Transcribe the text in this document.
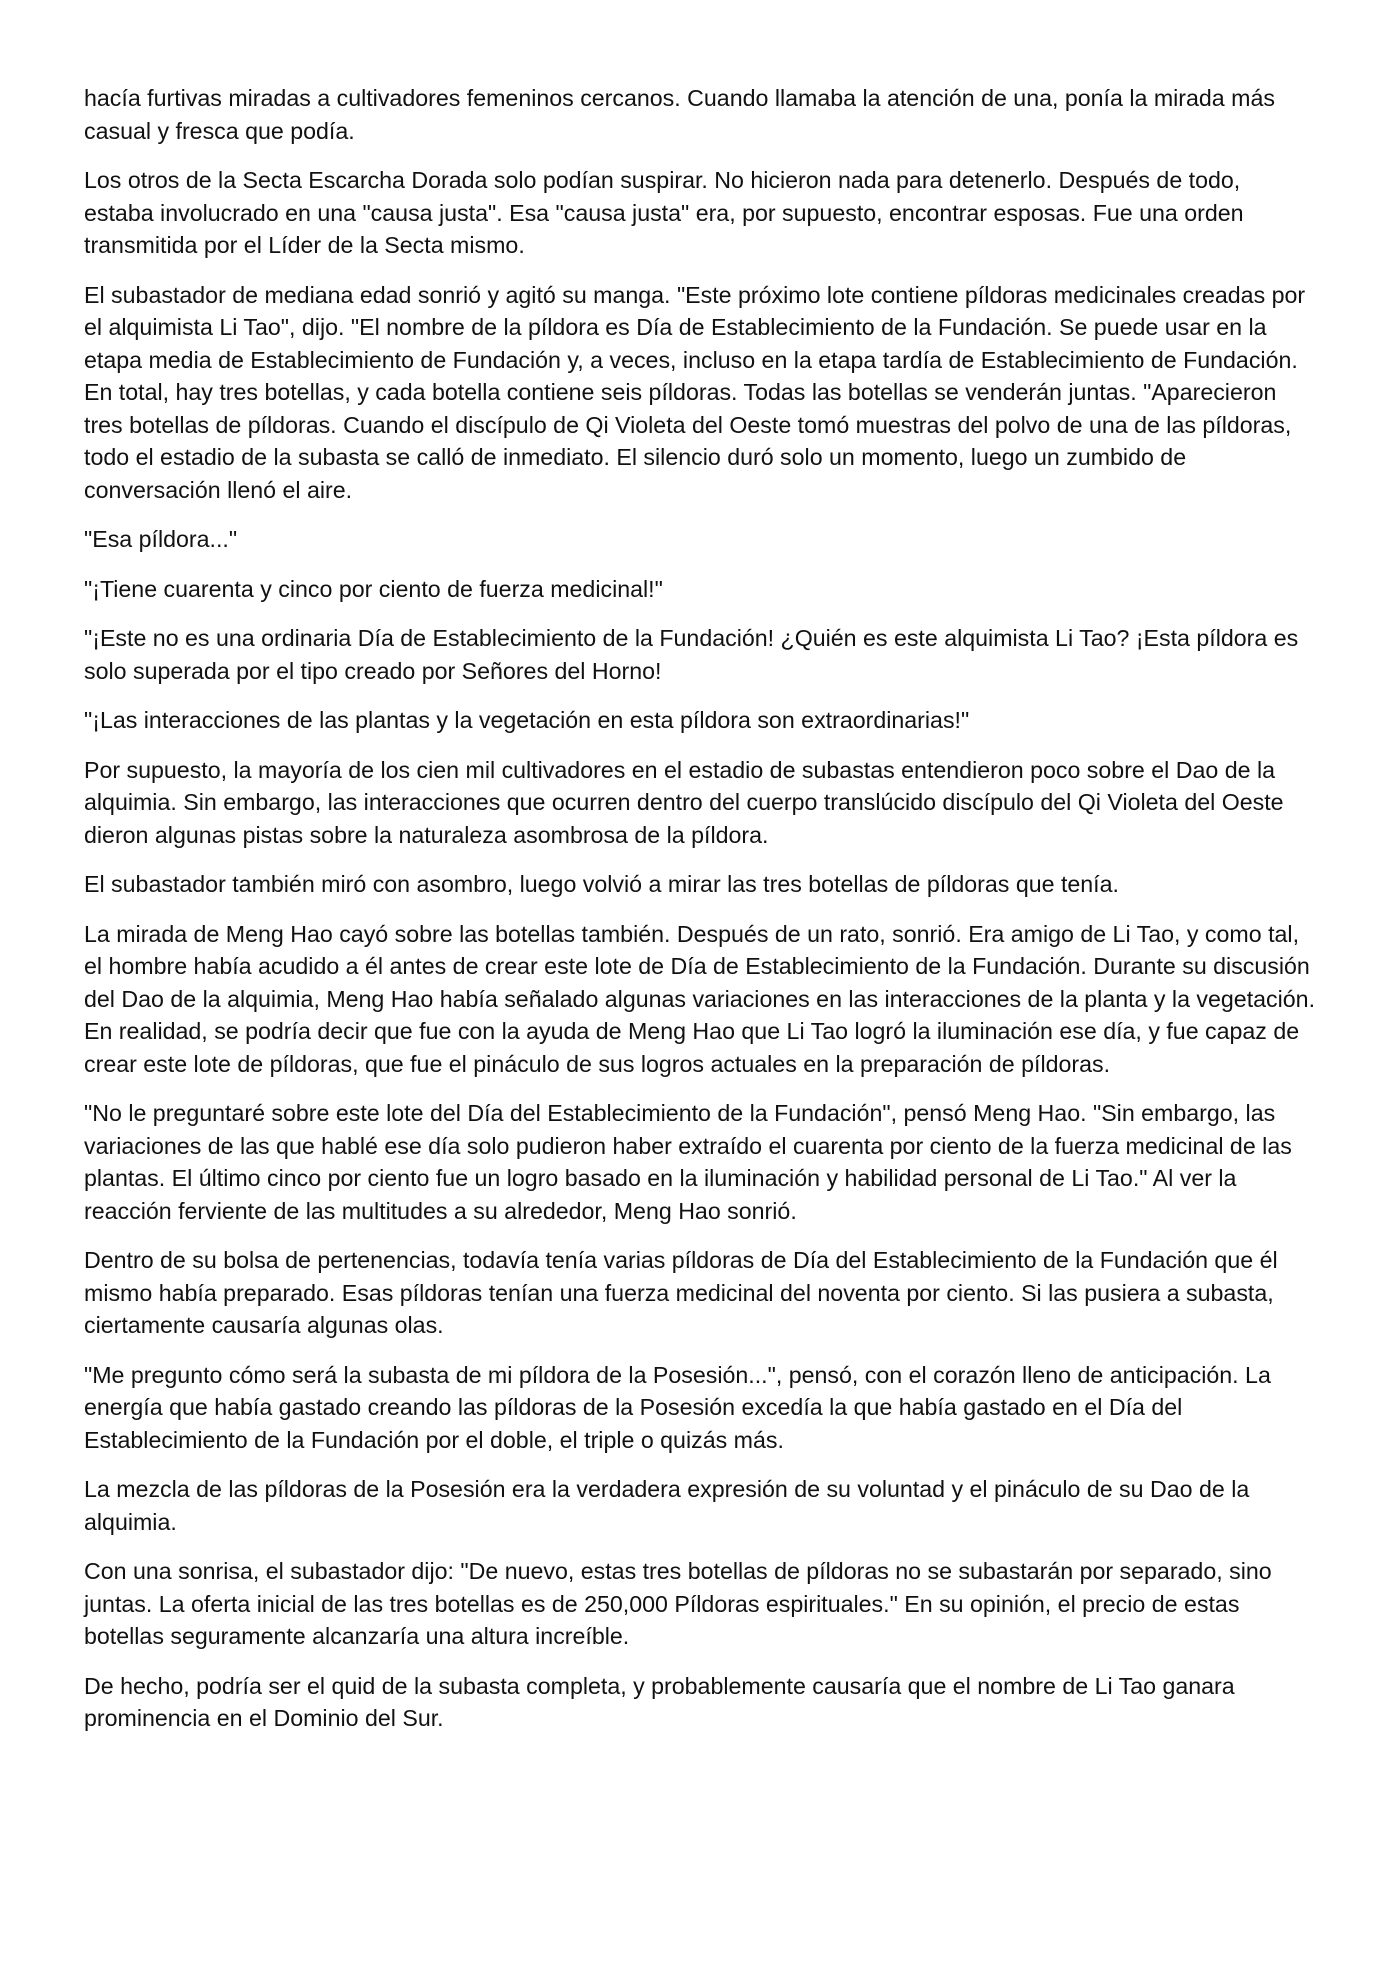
hacía furtivas miradas a cultivadores femeninos cercanos. Cuando llamaba la atención de una, ponía la mirada más casual y fresca que podía.

Los otros de la Secta Escarcha Dorada solo podían suspirar. No hicieron nada para detenerlo. Después de todo, estaba involucrado en una "causa justa". Esa "causa justa" era, por supuesto, encontrar esposas. Fue una orden transmitida por el Líder de la Secta mismo.

El subastador de mediana edad sonrió y agitó su manga. "Este próximo lote contiene píldoras medicinales creadas por el alquimista Li Tao", dijo. "El nombre de la píldora es Día de Establecimiento de la Fundación. Se puede usar en la etapa media de Establecimiento de Fundación y, a veces, incluso en la etapa tardía de Establecimiento de Fundación. En total, hay tres botellas, y cada botella contiene seis píldoras. Todas las botellas se venderán juntas. "Aparecieron tres botellas de píldoras. Cuando el discípulo de Qi Violeta del Oeste tomó muestras del polvo de una de las píldoras, todo el estadio de la subasta se calló de inmediato. El silencio duró solo un momento, luego un zumbido de conversación llenó el aire.

"Esa píldora..."

"¡Tiene cuarenta y cinco por ciento de fuerza medicinal!"

"¡Este no es una ordinaria Día de Establecimiento de la Fundación! ¿Quién es este alquimista Li Tao? ¡Esta píldora es solo superada por el tipo creado por Señores del Horno!

"¡Las interacciones de las plantas y la vegetación en esta píldora son extraordinarias!"

Por supuesto, la mayoría de los cien mil cultivadores en el estadio de subastas entendieron poco sobre el Dao de la alquimia. Sin embargo, las interacciones que ocurren dentro del cuerpo translúcido discípulo del Qi Violeta del Oeste dieron algunas pistas sobre la naturaleza asombrosa de la píldora.

El subastador también miró con asombro, luego volvió a mirar las tres botellas de píldoras que tenía.

La mirada de Meng Hao cayó sobre las botellas también. Después de un rato, sonrió. Era amigo de Li Tao, y como tal, el hombre había acudido a él antes de crear este lote de Día de Establecimiento de la Fundación. Durante su discusión del Dao de la alquimia, Meng Hao había señalado algunas variaciones en las interacciones de la planta y la vegetación. En realidad, se podría decir que fue con la ayuda de Meng Hao que Li Tao logró la iluminación ese día, y fue capaz de crear este lote de píldoras, que fue el pináculo de sus logros actuales en la preparación de píldoras.

"No le preguntaré sobre este lote del Día del Establecimiento de la Fundación", pensó Meng Hao. "Sin embargo, las variaciones de las que hablé ese día solo pudieron haber extraído el cuarenta por ciento de la fuerza medicinal de las plantas. El último cinco por ciento fue un logro basado en la iluminación y habilidad personal de Li Tao." Al ver la reacción ferviente de las multitudes a su alrededor, Meng Hao sonrió.

Dentro de su bolsa de pertenencias, todavía tenía varias píldoras de Día del Establecimiento de la Fundación que él mismo había preparado. Esas píldoras tenían una fuerza medicinal del noventa por ciento. Si las pusiera a subasta, ciertamente causaría algunas olas.

"Me pregunto cómo será la subasta de mi píldora de la Posesión...", pensó, con el corazón lleno de anticipación. La energía que había gastado creando las píldoras de la Posesión excedía la que había gastado en el Día del Establecimiento de la Fundación por el doble, el triple o quizás más.

La mezcla de las píldoras de la Posesión era la verdadera expresión de su voluntad y el pináculo de su Dao de la alquimia.

Con una sonrisa, el subastador dijo: "De nuevo, estas tres botellas de píldoras no se subastarán por separado, sino juntas. La oferta inicial de las tres botellas es de 250,000 Píldoras espirituales." En su opinión, el precio de estas botellas seguramente alcanzaría una altura increíble.

De hecho, podría ser el quid de la subasta completa, y probablemente causaría que el nombre de Li Tao ganara prominencia en el Dominio del Sur.
